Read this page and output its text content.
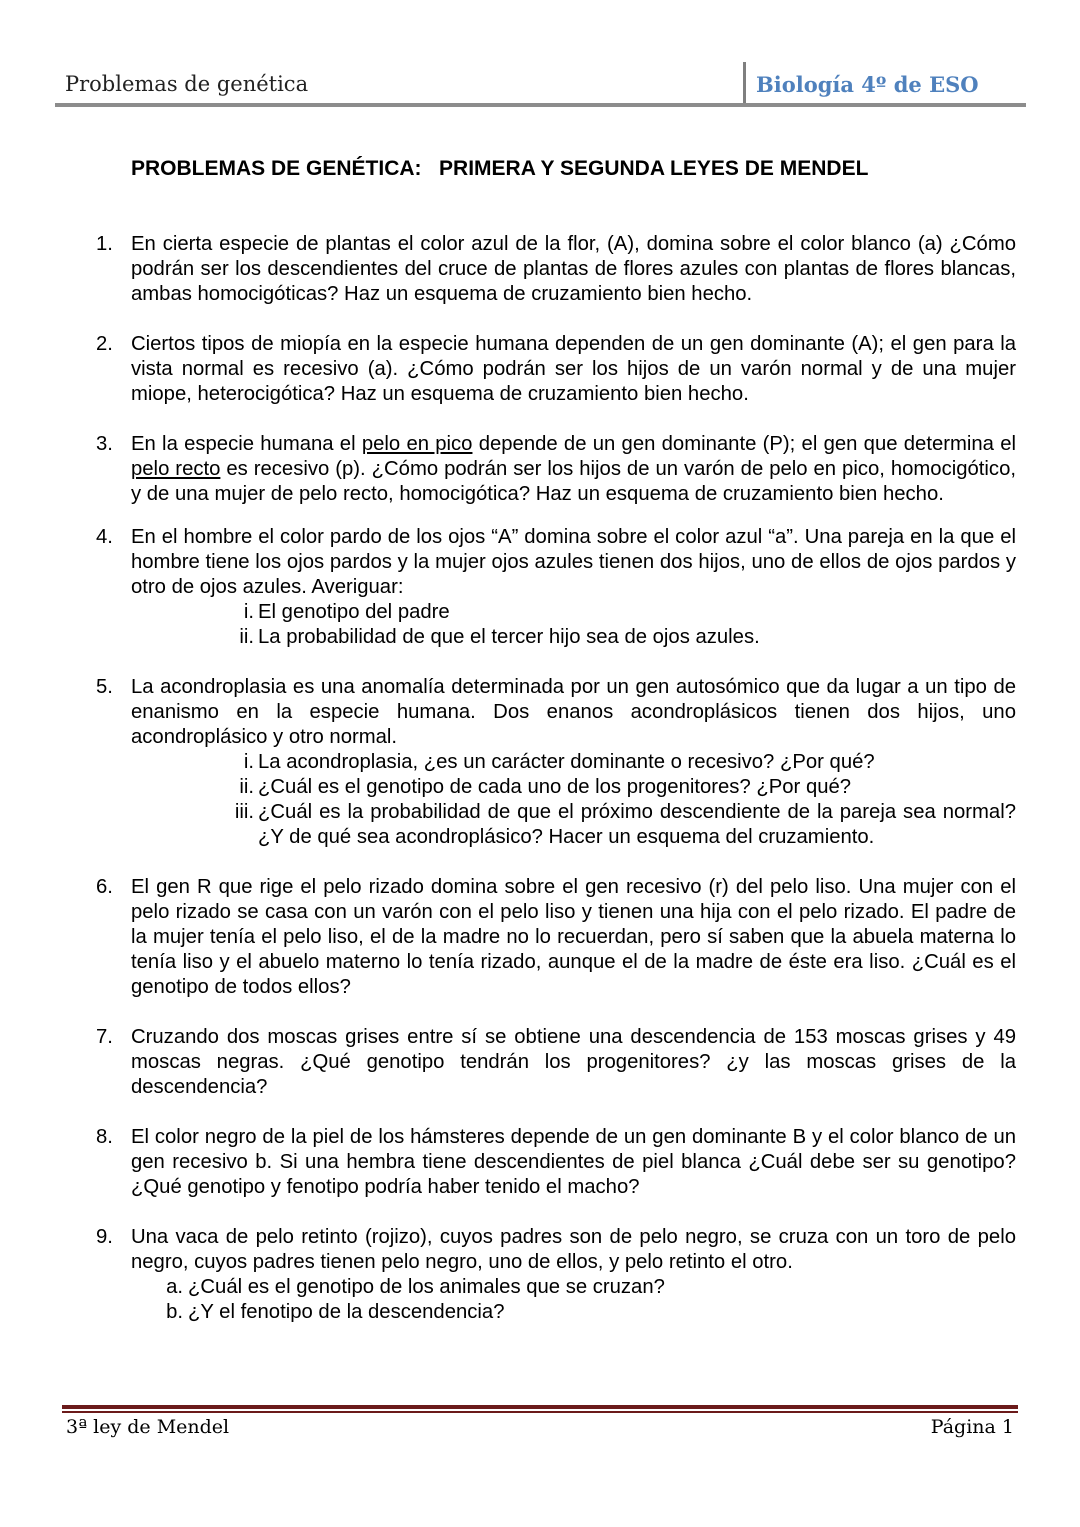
Problemas de genética	Biología 4º de ESO
PROBLEMAS DE GENÉTICA:   PRIMERA Y SEGUNDA LEYES DE MENDEL
1. En cierta especie de plantas el color azul de la flor, (A), domina sobre el color blanco (a) ¿Cómo podrán ser los descendientes del cruce de plantas de flores azules con plantas de flores blancas, ambas homocigóticas? Haz un esquema de cruzamiento bien hecho.
2. Ciertos tipos de miopía en la especie humana dependen de un gen dominante (A); el gen para la vista normal es recesivo (a). ¿Cómo podrán ser los hijos de un varón normal y de una mujer miope, heterocigótica? Haz un esquema de cruzamiento bien hecho.
3. En la especie humana el pelo en pico depende de un gen dominante (P); el gen que determina el pelo recto es recesivo (p). ¿Cómo podrán ser los hijos de un varón de pelo en pico, homocigótico, y de una mujer de pelo recto, homocigótica? Haz un esquema de cruzamiento bien hecho.
4. En el hombre el color pardo de los ojos “A” domina sobre el color azul “a”. Una pareja en la que el hombre tiene los ojos pardos y la mujer ojos azules tienen dos hijos, uno de ellos de ojos pardos y otro de ojos azules. Averiguar:
i. El genotipo del padre
ii. La probabilidad de que el tercer hijo sea de ojos azules.
5. La acondroplasia es una anomalía determinada por un gen autosómico que da lugar a un tipo de enanismo en la especie humana. Dos enanos acondroplásicos tienen dos hijos, uno acondroplásico y otro normal.
i. La acondroplasia, ¿es un carácter dominante o recesivo? ¿Por qué?
ii. ¿Cuál es el genotipo de cada uno de los progenitores? ¿Por qué?
iii. ¿Cuál es la probabilidad de que el próximo descendiente de la pareja sea normal? ¿Y de qué sea acondroplásico? Hacer un esquema del cruzamiento.
6. El gen R que rige el pelo rizado domina sobre el gen recesivo (r) del pelo liso. Una mujer con el pelo rizado se casa con un varón con el pelo liso y tienen una hija con el pelo rizado. El padre de la mujer tenía el pelo liso, el de la madre no lo recuerdan, pero sí saben que la abuela materna lo tenía liso y el abuelo materno lo tenía rizado, aunque el de la madre de éste era liso. ¿Cuál es el genotipo de todos ellos?
7. Cruzando dos moscas grises entre sí se obtiene una descendencia de 153 moscas grises y 49 moscas negras. ¿Qué genotipo tendrán los progenitores? ¿y las moscas grises de la descendencia?
8. El color negro de la piel de los hámsteres depende de un gen dominante B y el color blanco de un gen recesivo b. Si una hembra tiene descendientes de piel blanca ¿Cuál debe ser su genotipo?¿Qué genotipo y fenotipo podría haber tenido el macho?
9. Una vaca de pelo retinto (rojizo), cuyos padres son de pelo negro, se cruza con un toro de pelo negro, cuyos padres tienen pelo negro, uno de ellos, y pelo retinto el otro.
a. ¿Cuál es el genotipo de los animales que se cruzan?
b. ¿Y el fenotipo de la descendencia?
3ª ley de Mendel	Página 1
